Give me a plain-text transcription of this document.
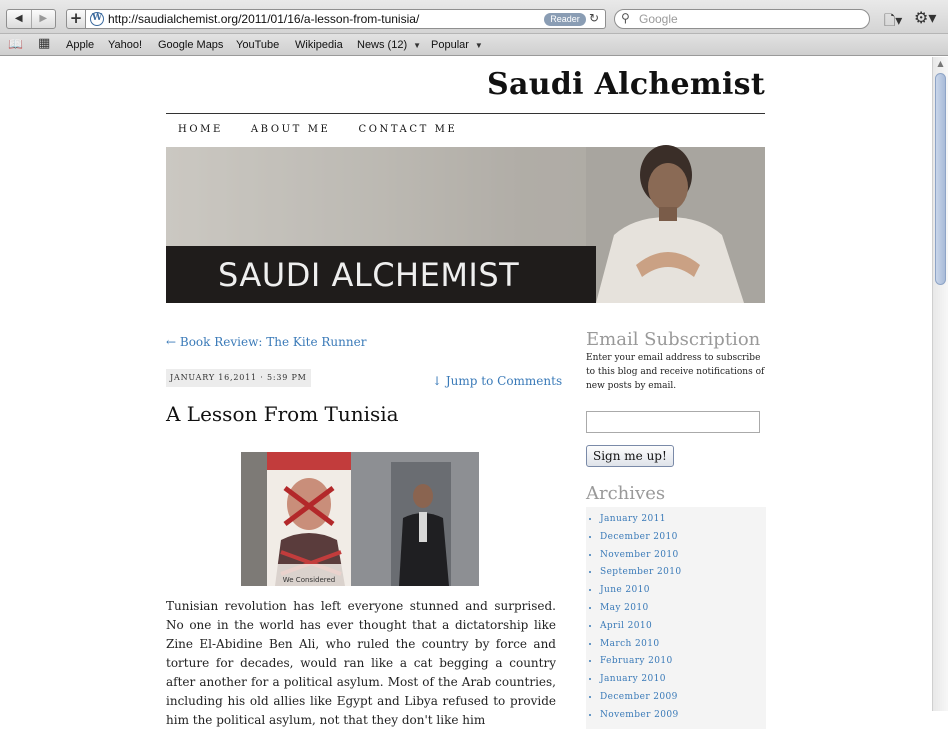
◀	▶	+	W http://saudialchemist.org/2011/01/16/a-lesson-from-tunisia/	Reader ↻ ⚲ Google	🗋▾ ⚙▾
📖 ▦ Apple Yahoo! Google Maps YouTube Wikipedia News (12) ▼ Popular ▼
Saudi Alchemist
HOME	ABOUT ME	CONTACT ME
SAUDI ALCHEMIST
← Book Review: The Kite Runner
JANUARY 16,2011 · 5:39 PM	↓ Jump to Comments
A Lesson From Tunisia
We Considered

Tunisian revolution has left everyone stunned and surprised. No one in the world has ever thought that a dictatorship like Zine El-Abidine Ben Ali, who ruled the country by force and torture for decades, would ran like a cat begging a country after another for a political asylum. Most of the Arab countries, including his old allies like Egypt and Libya refused to provide him the political asylum, not that they don't like him

Email Subscription

Enter your email address to subscribe to this blog and receive notifications of new posts by email.

Sign me up!
Archives
• January 2011
• December 2010
• November 2010
• September 2010
• June 2010
• May 2010
• April 2010
• March 2010
• February 2010
• January 2010
• December 2009
• November 2009
▲
